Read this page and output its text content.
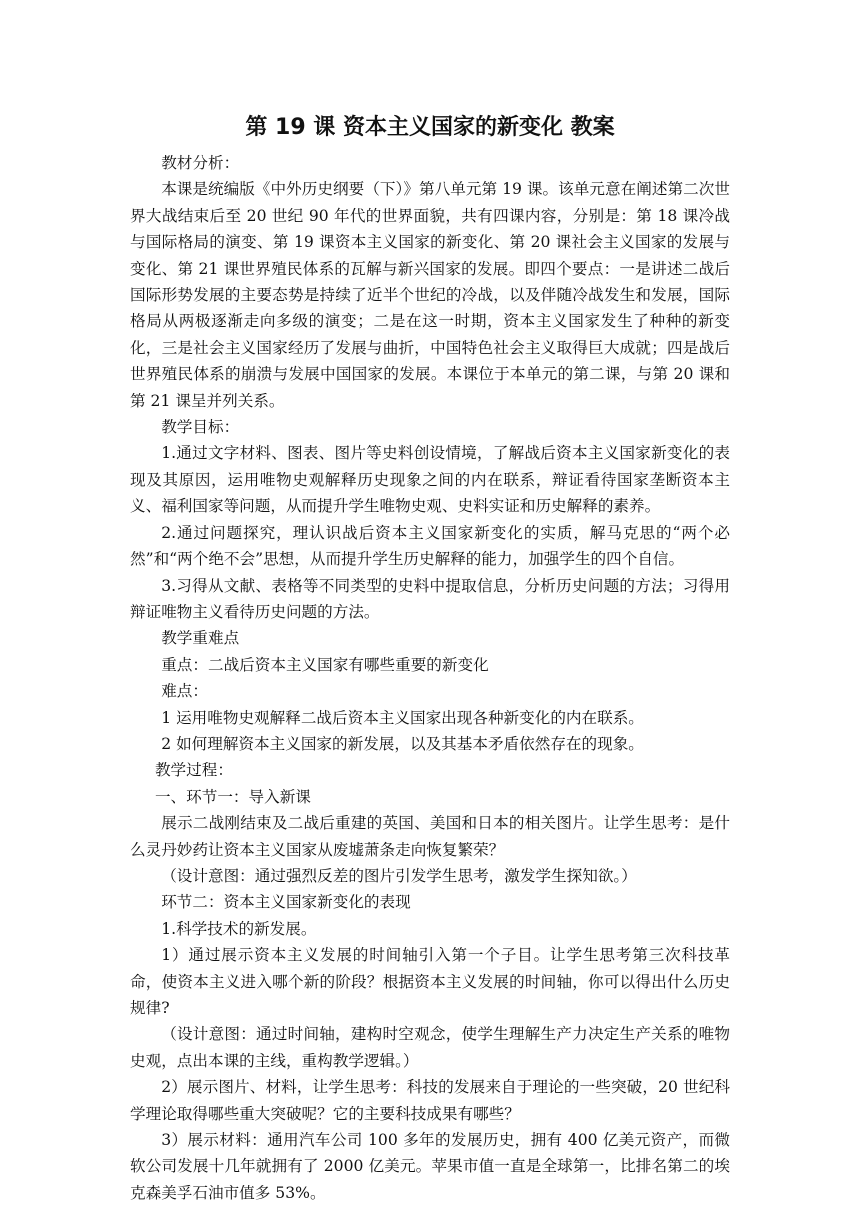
第 19 课 资本主义国家的新变化 教案

教材分析：

本课是统编版《中外历史纲要（下）》第八单元第 19 课。该单元意在阐述第二次世界大战结束后至 20 世纪 90 年代的世界面貌，共有四课内容，分别是：第 18 课冷战与国际格局的演变、第 19 课资本主义国家的新变化、第 20 课社会主义国家的发展与变化、第 21 课世界殖民体系的瓦解与新兴国家的发展。即四个要点：一是讲述二战后国际形势发展的主要态势是持续了近半个世纪的冷战，以及伴随冷战发生和发展，国际格局从两极逐渐走向多级的演变；二是在这一时期，资本主义国家发生了种种的新变化，三是社会主义国家经历了发展与曲折，中国特色社会主义取得巨大成就；四是战后世界殖民体系的崩溃与发展中国国家的发展。本课位于本单元的第二课，与第 20 课和第 21 课呈并列关系。

教学目标：

1.通过文字材料、图表、图片等史料创设情境，了解战后资本主义国家新变化的表现及其原因，运用唯物史观解释历史现象之间的内在联系，辩证看待国家垄断资本主义、福利国家等问题，从而提升学生唯物史观、史料实证和历史解释的素养。

2.通过问题探究，理认识战后资本主义国家新变化的实质，解马克思的“两个必然”和“两个绝不会”思想，从而提升学生历史解释的能力，加强学生的四个自信。

3.习得从文献、表格等不同类型的史料中提取信息，分析历史问题的方法；习得用辩证唯物主义看待历史问题的方法。

教学重难点

重点：二战后资本主义国家有哪些重要的新变化

难点：

1 运用唯物史观解释二战后资本主义国家出现各种新变化的内在联系。

2 如何理解资本主义国家的新发展，以及其基本矛盾依然存在的现象。

教学过程：

一、环节一：导入新课

展示二战刚结束及二战后重建的英国、美国和日本的相关图片。让学生思考：是什么灵丹妙药让资本主义国家从废墟萧条走向恢复繁荣？

（设计意图：通过强烈反差的图片引发学生思考，激发学生探知欲。）

环节二：资本主义国家新变化的表现

1.科学技术的新发展。

1）通过展示资本主义发展的时间轴引入第一个子目。让学生思考第三次科技革命，使资本主义进入哪个新的阶段？根据资本主义发展的时间轴，你可以得出什么历史规律?

（设计意图：通过时间轴，建构时空观念，使学生理解生产力决定生产关系的唯物史观，点出本课的主线，重构教学逻辑。）

2）展示图片、材料，让学生思考：科技的发展来自于理论的一些突破，20 世纪科学理论取得哪些重大突破呢？它的主要科技成果有哪些？

3）展示材料：通用汽车公司 100 多年的发展历史，拥有 400 亿美元资产，而微软公司发展十几年就拥有了 2000 亿美元。苹果市值一直是全球第一，比排名第二的埃克森美孚石油市值多 53%。
